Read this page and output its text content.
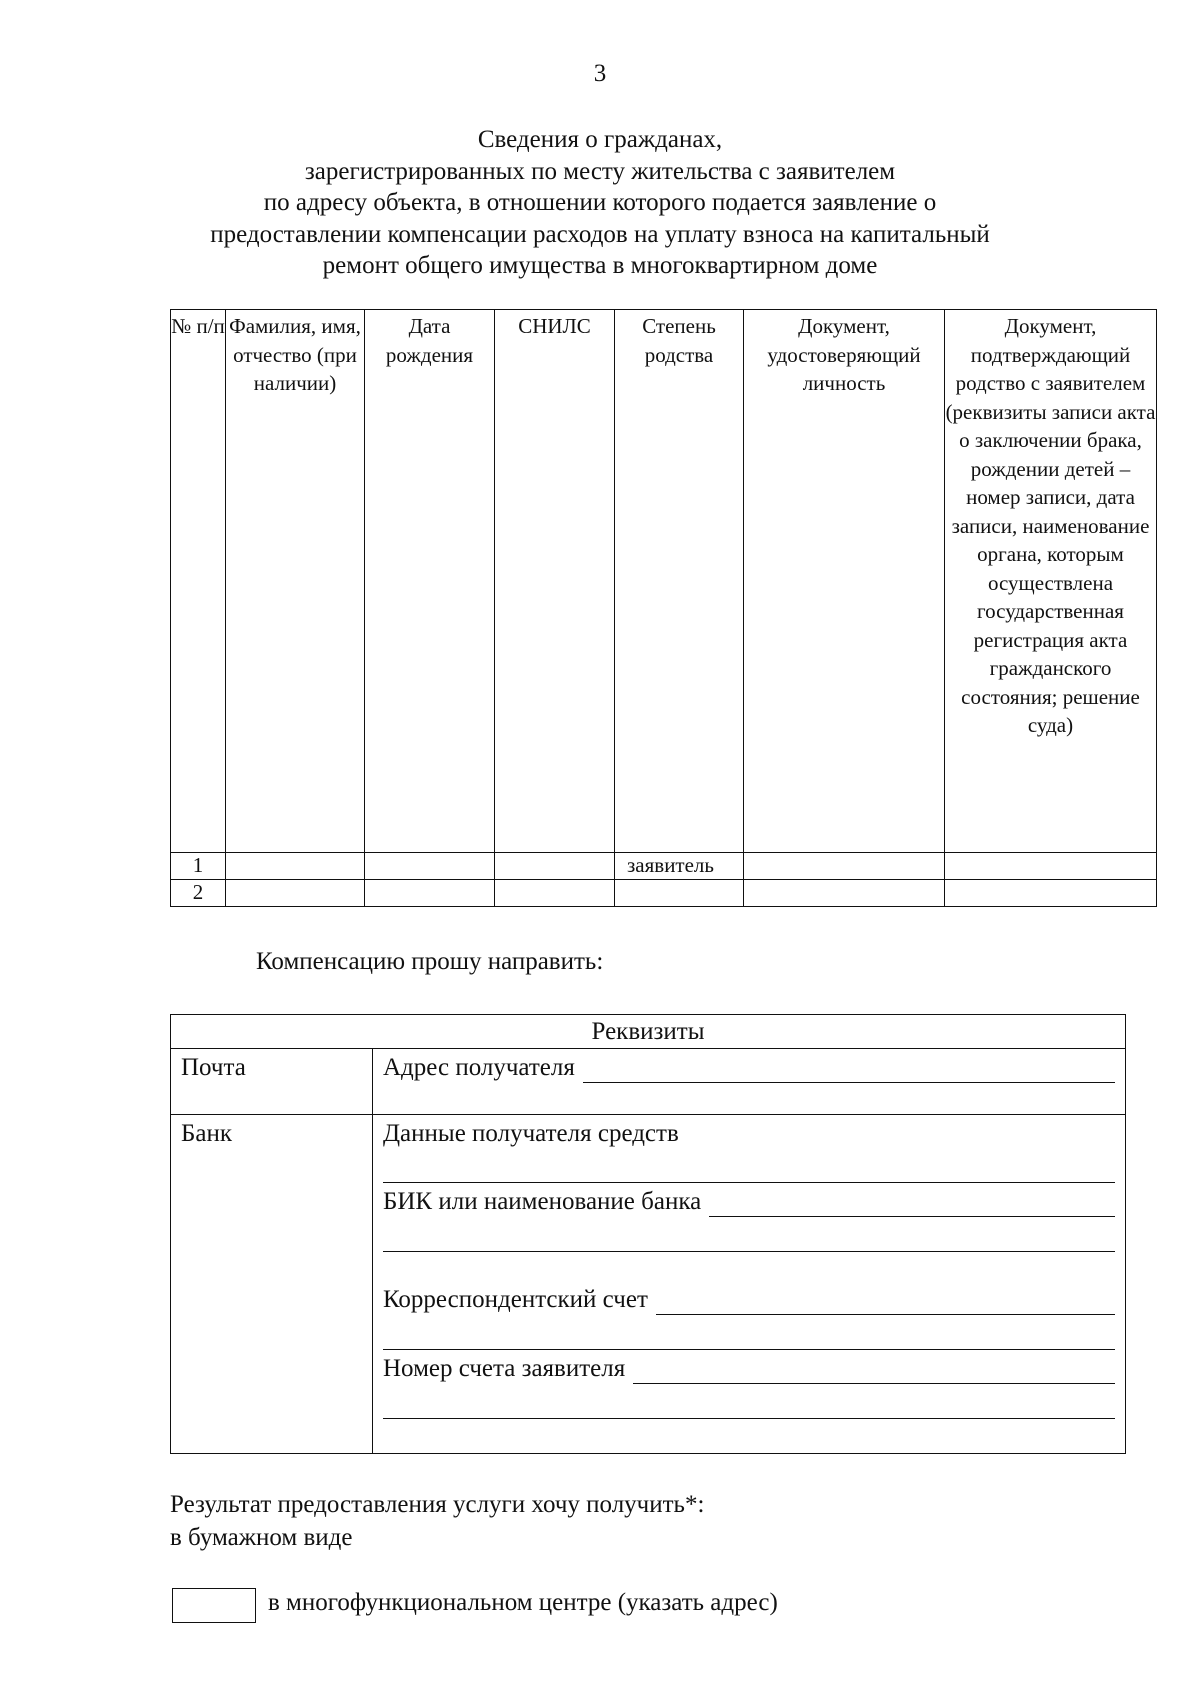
3
Сведения о гражданах,
зарегистрированных по месту жительства с заявителем
по адресу объекта, в отношении которого подается заявление о
предоставлении компенсации расходов на уплату взноса на капитальный
ремонт общего имущества в многоквартирном доме
№ п/п	Фамилия, имя, отчество (при наличии)	Дата рождения	СНИЛС	Степень родства	Документ, удостоверяющий личность	Документ, подтверждающий родство с заявителем (реквизиты записи акта о заключении брака, рождении детей – номер записи, дата записи, наименование органа, которым осуществлена государственная регистрация акта гражданского состояния; решение суда)

1				заявитель		
2						
Компенсацию прошу направить:
Реквизиты	

Почта	Адрес получателя

Банк	Данные получателя средств
БИК или наименование банка
Корреспондентский счет
Номер счета заявителя
Результат предоставления услуги хочу получить*:
в бумажном виде
в многофункциональном центре (указать адрес)
